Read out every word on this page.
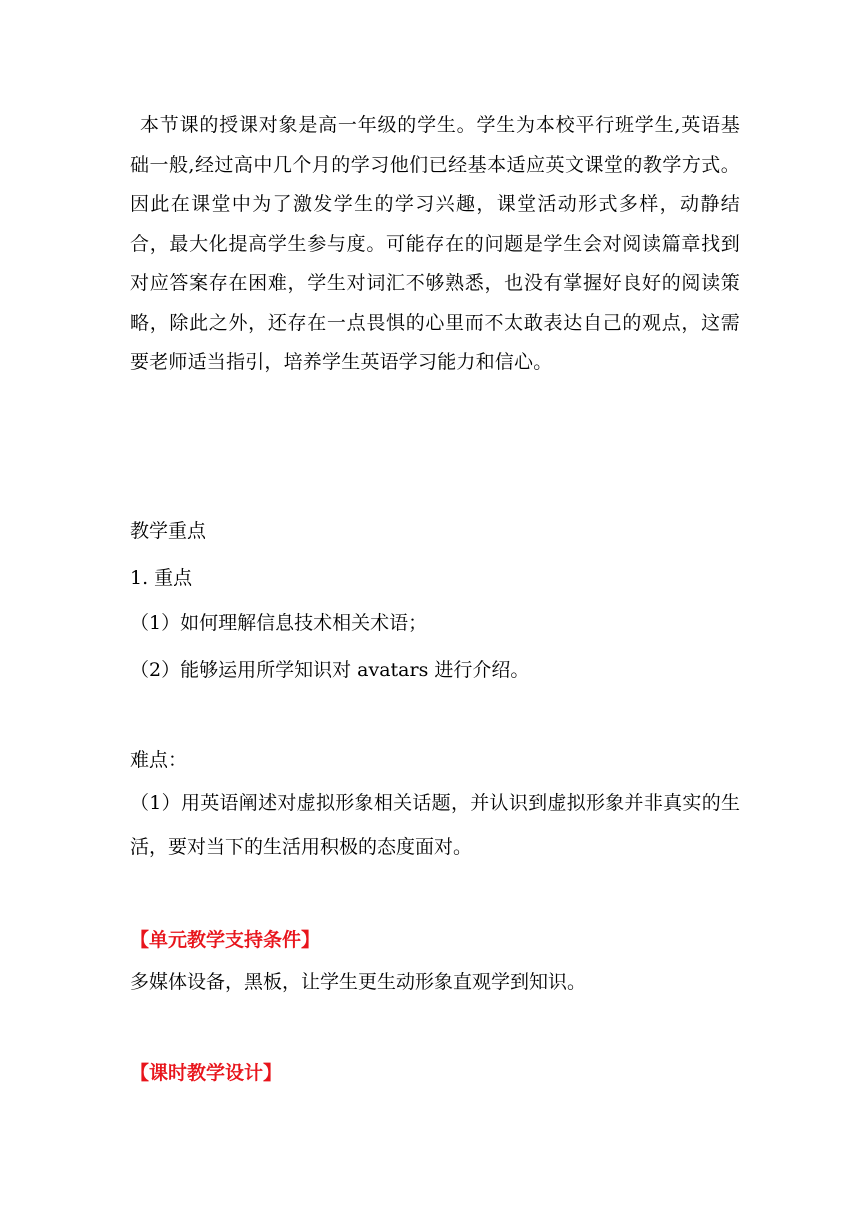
本节课的授课对象是高一年级的学生。学生为本校平行班学生,英语基础一般,经过高中几个月的学习他们已经基本适应英文课堂的教学方式。因此在课堂中为了激发学生的学习兴趣，课堂活动形式多样，动静结合，最大化提高学生参与度。可能存在的问题是学生会对阅读篇章找到对应答案存在困难，学生对词汇不够熟悉，也没有掌握好良好的阅读策略，除此之外，还存在一点畏惧的心里而不太敢表达自己的观点，这需要老师适当指引，培养学生英语学习能力和信心。

教学重点

1. 重点

（1）如何理解信息技术相关术语；

（2）能够运用所学知识对 avatars 进行介绍。

难点：

（1）用英语阐述对虚拟形象相关话题，并认识到虚拟形象并非真实的生活，要对当下的生活用积极的态度面对。

【单元教学支持条件】

多媒体设备，黑板，让学生更生动形象直观学到知识。

【课时教学设计】
